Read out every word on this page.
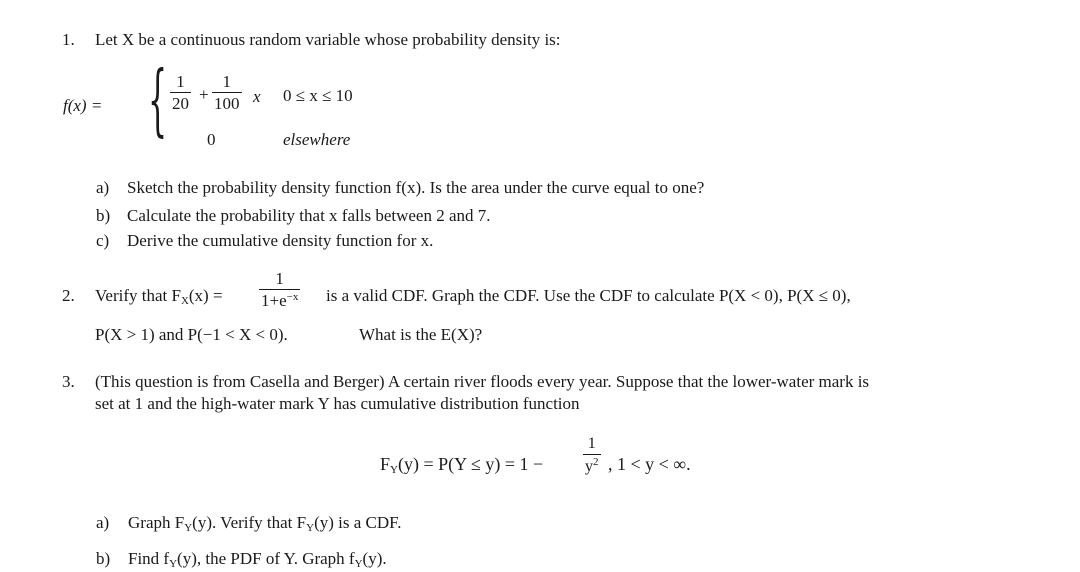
1. Let X be a continuous random variable whose probability density is:
f(x) = { 1
20 +
1
100 x 0 ≤ x ≤ 10
0	elsewhere
a) Sketch the probability density function f(x). Is the area under the curve equal to one?
b) Calculate the probability that x falls between 2 and 7.
c) Derive the cumulative density function for x.
2. Verify that $F_X(x)$ =
1
$1+e^{-x}$ is a valid CDF. Graph the CDF. Use the CDF to calculate P(X < 0), P(X ≤ 0),
P(X > 1) and P(−1 < X < 0).	What is the E(X)?
3. (This question is from Casella and Berger) A certain river floods every year. Suppose that the lower-water mark is
set at 1 and the high-water mark Y has cumulative distribution function
$F_Y(y) = P(Y \le y) = 1$ −
1
$y^2$ , 1 < y < ∞.
a) Graph $F_Y(y)$. Verify that $F_Y(y)$ is a CDF.
b) Find $f_Y(y)$, the PDF of Y. Graph $f_Y(y)$.
